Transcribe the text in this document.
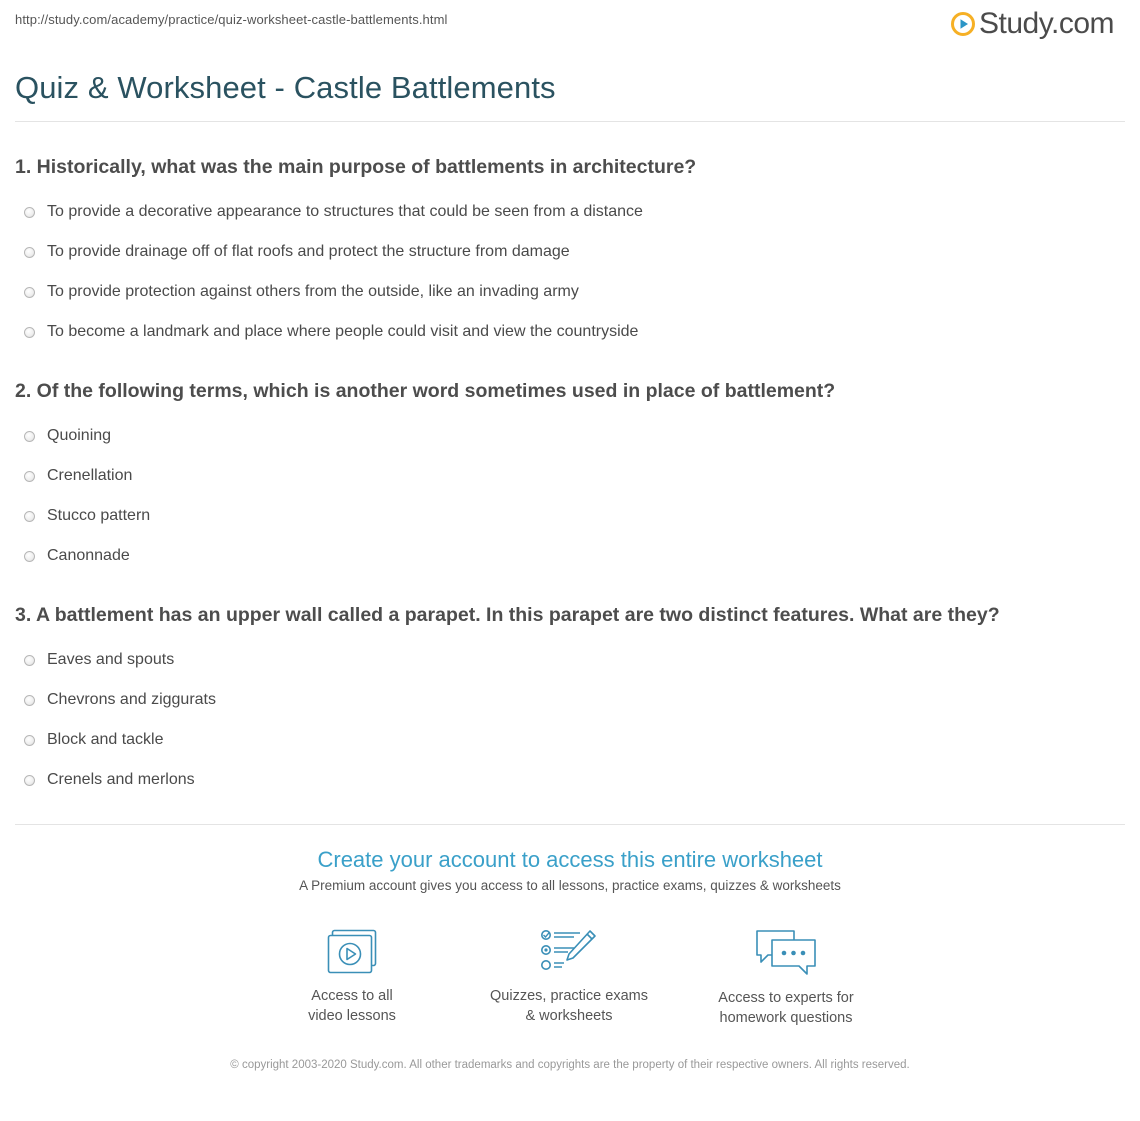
http://study.com/academy/practice/quiz-worksheet-castle-battlements.html	Study.com
Quiz & Worksheet - Castle Battlements

1. Historically, what was the main purpose of battlements in architecture?

To provide a decorative appearance to structures that could be seen from a distance
To provide drainage off of flat roofs and protect the structure from damage
To provide protection against others from the outside, like an invading army
To become a landmark and place where people could visit and view the countryside

2. Of the following terms, which is another word sometimes used in place of battlement?

Quoining
Crenellation
Stucco pattern
Canonnade

3. A battlement has an upper wall called a parapet. In this parapet are two distinct features. What are they?

Eaves and spouts
Chevrons and ziggurats
Block and tackle
Crenels and merlons

Create your account to access this entire worksheet

A Premium account gives you access to all lessons, practice exams, quizzes & worksheets

Access to all
video lessons
Quizzes, practice exams
& worksheets
Access to experts for
homework questions
© copyright 2003-2020 Study.com. All other trademarks and copyrights are the property of their respective owners. All rights reserved.
